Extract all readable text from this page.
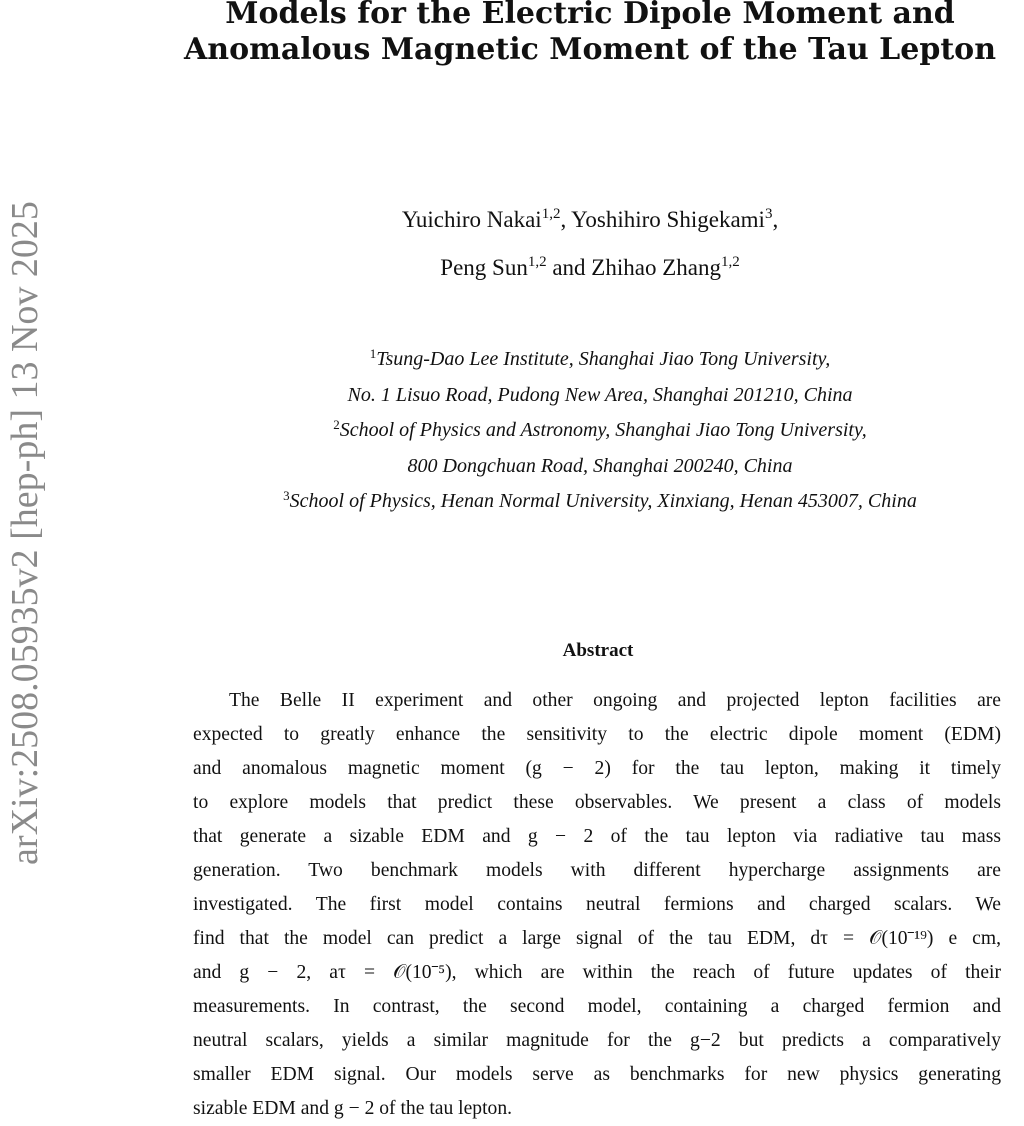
arXiv:2508.05935v2 [hep-ph] 13 Nov 2025
Models for the Electric Dipole Moment and
Anomalous Magnetic Moment of the Tau Lepton
Yuichiro Nakai$^{1,2}$, Yoshihiro Shigekami$^3$,
Peng Sun$^{1,2}$ and Zhihao Zhang$^{1,2}$
$^1$Tsung-Dao Lee Institute, Shanghai Jiao Tong University,
No. 1 Lisuo Road, Pudong New Area, Shanghai 201210, China
$^2$School of Physics and Astronomy, Shanghai Jiao Tong University,
800 Dongchuan Road, Shanghai 200240, China
$^3$School of Physics, Henan Normal University, Xinxiang, Henan 453007, China
Abstract
The Belle II experiment and other ongoing and projected lepton facilities are
expected to greatly enhance the sensitivity to the electric dipole moment (EDM)
and anomalous magnetic moment (g − 2) for the tau lepton, making it timely
to explore models that predict these observables. We present a class of models
that generate a sizable EDM and g − 2 of the tau lepton via radiative tau mass
generation. Two benchmark models with different hypercharge assignments are
investigated. The first model contains neutral fermions and charged scalars. We
find that the model can predict a large signal of the tau EDM, dτ = 𝒪(10⁻¹⁹) e cm,
and g − 2, aτ = 𝒪(10⁻⁵), which are within the reach of future updates of their
measurements. In contrast, the second model, containing a charged fermion and
neutral scalars, yields a similar magnitude for the g−2 but predicts a comparatively
smaller EDM signal. Our models serve as benchmarks for new physics generating
sizable EDM and g − 2 of the tau lepton.
